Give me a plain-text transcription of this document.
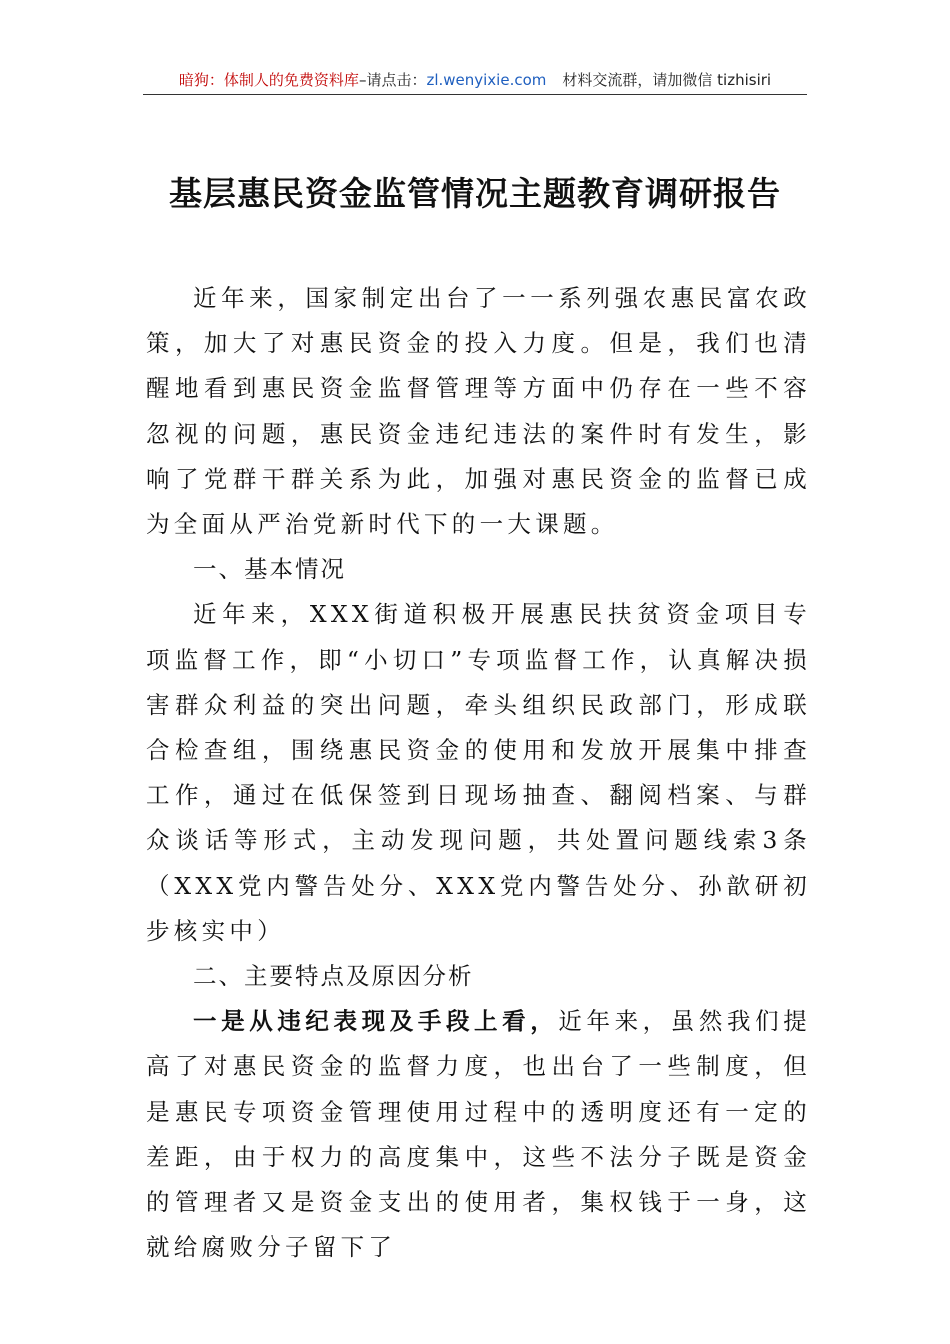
暗狗：体制人的免费资料库–请点击：zl.wenyixie.com 材料交流群，请加微信 tizhisiri
基层惠民资金监管情况主题教育调研报告

近年来，国家制定出台了一一系列强农惠民富农政策，加大了对惠民资金的投入力度。但是，我们也清醒地看到惠民资金监督管理等方面中仍存在一些不容忽视的问题，惠民资金违纪违法的案件时有发生，影响了党群干群关系为此，加强对惠民资金的监督已成为全面从严治党新时代下的一大课题。

一、基本情况

近年来，XXX街道积极开展惠民扶贫资金项目专项监督工作，即“小切口”专项监督工作，认真解决损害群众利益的突出问题，牵头组织民政部门，形成联合检查组，围绕惠民资金的使用和发放开展集中排查工作，通过在低保签到日现场抽查、翻阅档案、与群众谈话等形式，主动发现问题，共处置问题线索3条（XXX党内警告处分、XXX党内警告处分、孙歆研初步核实中）

二、主要特点及原因分析

一是从违纪表现及手段上看，近年来，虽然我们提高了对惠民资金的监督力度，也出台了一些制度，但是惠民专项资金管理使用过程中的透明度还有一定的差距，由于权力的高度集中，这些不法分子既是资金的管理者又是资金支出的使用者，集权钱于一身，这就给腐败分子留下了
